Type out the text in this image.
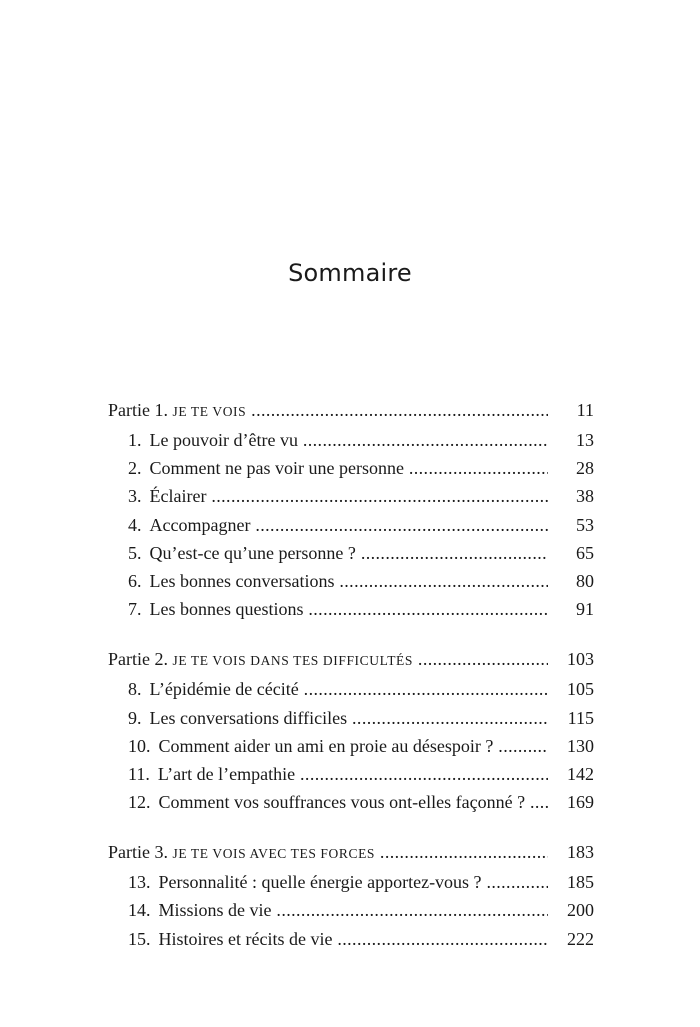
Sommaire
Partie 1. JE TE VOIS .....	11
1. Le pouvoir d’être vu .....	13
2. Comment ne pas voir une personne .....	28
3. Éclairer .....	38
4. Accompagner .....	53
5. Qu’est-ce qu’une personne ? .....	65
6. Les bonnes conversations .....	80
7. Les bonnes questions .....	91
Partie 2. JE TE VOIS DANS TES DIFFICULTÉS .....	103
8. L’épidémie de cécité .....	105
9. Les conversations difficiles .....	115
10. Comment aider un ami en proie au désespoir ? .....	130
11. L’art de l’empathie .....	142
12. Comment vos souffrances vous ont-elles façonné ? .....	169
Partie 3. JE TE VOIS AVEC TES FORCES .....	183
13. Personnalité : quelle énergie apportez-vous ? .....	185
14. Missions de vie .....	200
15. Histoires et récits de vie .....	222
